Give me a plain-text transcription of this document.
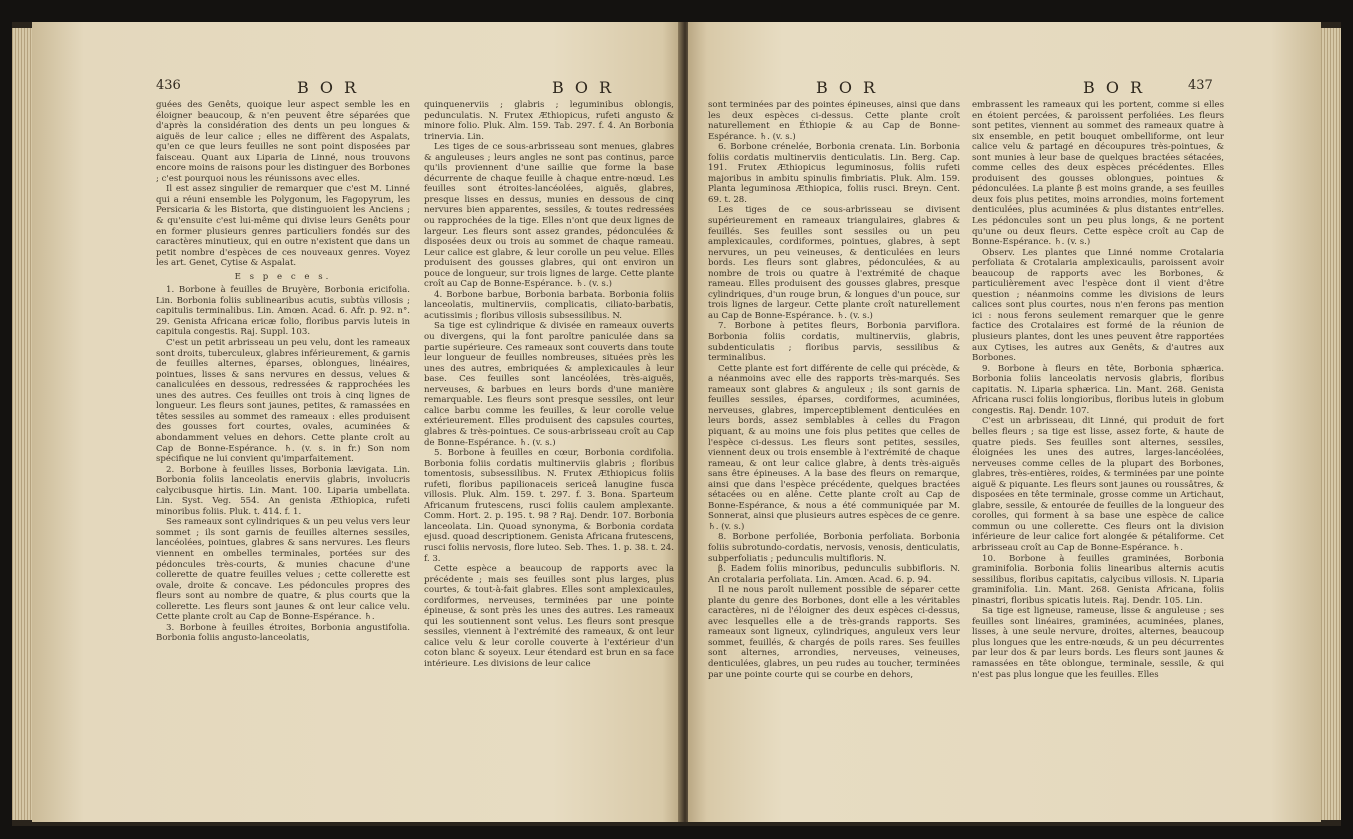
436	B O R	B O R

guées des Genêts, quoique leur aspect semble les en éloigner beaucoup, & n'en peuvent être séparées que d'après la considération des dents un peu longues & aiguës de leur calice ; elles ne diffèrent des Aspalats, qu'en ce que leurs feuilles ne sont point disposées par faisceau. Quant aux Liparia de Linné, nous trouvons encore moins de raisons pour les distinguer des Borbones ; c'est pourquoi nous les réunissons avec elles.

Il est assez singulier de remarquer que c'est M. Linné qui a réuni ensemble les Polygonum, les Fagopyrum, les Persicaria & les Bistorta, que distinguoient les Anciens ; & qu'ensuite c'est lui-même qui divise leurs Genêts pour en former plusieurs genres particuliers fondés sur des caractères minutieux, qui en outre n'existent que dans un petit nombre d'espèces de ces nouveaux genres. Voyez les art. Genet, Cytise & Aspalat.

E s p e c e s.

1. Borbone à feuilles de Bruyère, Borbonia ericifolia. Lin. Borbonia foliis sublinearibus acutis, subtùs villosis ; capitulis terminalibus. Lin. Amœn. Acad. 6. Afr. p. 92. n°. 29. Genista Africana ericæ folio, floribus parvis luteis in capitula congestis. Raj. Suppl. 103.

C'est un petit arbrisseau un peu velu, dont les rameaux sont droits, tuberculeux, glabres inférieurement, & garnis de feuilles alternes, éparses, oblongues, linéaires, pointues, lisses & sans nervures en dessus, velues & canaliculées en dessous, redressées & rapprochées les unes des autres. Ces feuilles ont trois à cinq lignes de longueur. Les fleurs sont jaunes, petites, & ramassées en têtes sessiles au sommet des rameaux : elles produisent des gousses fort courtes, ovales, acuminées & abondamment velues en dehors. Cette plante croît au Cap de Bonne-Espérance. ♄. (v. s. in fr.) Son nom spécifique ne lui convient qu'imparfaitement.

2. Borbone à feuilles lisses, Borbonia lævigata. Lin. Borbonia foliis lanceolatis enerviis glabris, involucris calycibusque hirtis. Lin. Mant. 100. Liparia umbellata. Lin. Syst. Veg. 554. An genista Æthiopica, rufeti minoribus foliis. Pluk. t. 414. f. 1.

Ses rameaux sont cylindriques & un peu velus vers leur sommet ; ils sont garnis de feuilles alternes sessiles, lancéolées, pointues, glabres & sans nervures. Les fleurs viennent en ombelles terminales, portées sur des pédoncules très-courts, & munies chacune d'une collerette de quatre feuilles velues ; cette collerette est ovale, droite & concave. Les pédoncules propres des fleurs sont au nombre de quatre, & plus courts que la collerette. Les fleurs sont jaunes & ont leur calice velu. Cette plante croît au Cap de Bonne-Espérance. ♄.

3. Borbone à feuilles étroites, Borbonia angustifolia. Borbonia foliis angusto-lanceolatis,

quinquenerviis ; glabris ; leguminibus oblongis, pedunculatis. N. Frutex Æthiopicus, rufeti angusto & minore folio. Pluk. Alm. 159. Tab. 297. f. 4. An Borbonia trinervia. Lin.

Les tiges de ce sous-arbrisseau sont menues, glabres & anguleuses ; leurs angles ne sont pas continus, parce qu'ils proviennent d'une saillie que forme la base décurrente de chaque feuille à chaque entre-nœud. Les feuilles sont étroites-lancéolées, aiguës, glabres, presque lisses en dessus, munies en dessous de cinq nervures bien apparentes, sessiles, & toutes redressées ou rapprochées de la tige. Elles n'ont que deux lignes de largeur. Les fleurs sont assez grandes, pédonculées & disposées deux ou trois au sommet de chaque rameau. Leur calice est glabre, & leur corolle un peu velue. Elles produisent des gousses glabres, qui ont environ un pouce de longueur, sur trois lignes de large. Cette plante croît au Cap de Bonne-Espérance. ♄. (v. s.)

4. Borbone barbue, Borbonia barbata. Borbonia foliis lanceolatis, multinerviis, complicatis, ciliato-barbatis, acutissimis ; floribus villosis subsessilibus. N.

Sa tige est cylindrique & divisée en rameaux ouverts ou divergens, qui la font paroître paniculée dans sa partie supérieure. Ces rameaux sont couverts dans toute leur longueur de feuilles nombreuses, situées près les unes des autres, embriquées & amplexicaules à leur base. Ces feuilles sont lancéolées, très-aiguës, nerveuses, & barbues en leurs bords d'une manière remarquable. Les fleurs sont presque sessiles, ont leur calice barbu comme les feuilles, & leur corolle velue extérieurement. Elles produisent des capsules courtes, glabres & très-pointues. Ce sous-arbrisseau croît au Cap de Bonne-Espérance. ♄. (v. s.)

5. Borbone à feuilles en cœur, Borbonia cordifolia. Borbonia foliis cordatis multinerviis glabris ; floribus tomentosis, subsessilibus. N. Frutex Æthiopicus foliis rufeti, floribus papilionaceis sericeâ lanugine fusca villosis. Pluk. Alm. 159. t. 297. f. 3. Bona. Sparteum Africanum frutescens, rusci foliis caulem amplexante. Comm. Hort. 2. p. 195. t. 98 ? Raj. Dendr. 107. Borbonia lanceolata. Lin. Quoad synonyma, & Borbonia cordata ejusd. quoad descriptionem. Genista Africana frutescens, rusci foliis nervosis, flore luteo. Seb. Thes. 1. p. 38. t. 24. f. 3.

Cette espèce a beaucoup de rapports avec la précédente ; mais ses feuilles sont plus larges, plus courtes, & tout-à-fait glabres. Elles sont amplexicaules, cordiformes, nerveuses, terminées par une pointe épineuse, & sont près les unes des autres. Les rameaux qui les soutiennent sont velus. Les fleurs sont presque sessiles, viennent à l'extrémité des rameaux, & ont leur calice velu & leur corolle couverte à l'extérieur d'un coton blanc & soyeux. Leur étendard est brun en sa face intérieure. Les divisions de leur calice

B O R	B O R	437

sont terminées par des pointes épineuses, ainsi que dans les deux espèces ci-dessus. Cette plante croît naturellement en Éthiopie & au Cap de Bonne-Espérance. ♄. (v. s.)

6. Borbone crénelée, Borbonia crenata. Lin. Borbonia foliis cordatis multinerviis denticulatis. Lin. Berg. Cap. 191. Frutex Æthiopicus leguminosus, foliis rufeti majoribus in ambitu spinulis fimbriatis. Pluk. Alm. 159. Planta leguminosa Æthiopica, foliis rusci. Breyn. Cent. 69. t. 28.

Les tiges de ce sous-arbrisseau se divisent supérieurement en rameaux triangulaires, glabres & feuillés. Ses feuilles sont sessiles ou un peu amplexicaules, cordiformes, pointues, glabres, à sept nervures, un peu veineuses, & denticulées en leurs bords. Les fleurs sont glabres, pédonculées, & au nombre de trois ou quatre à l'extrémité de chaque rameau. Elles produisent des gousses glabres, presque cylindriques, d'un rouge brun, & longues d'un pouce, sur trois lignes de largeur. Cette plante croît naturellement au Cap de Bonne-Espérance. ♄. (v. s.)

7. Borbone à petites fleurs, Borbonia parviflora. Borbonia foliis cordatis, multinerviis, glabris, subdenticulatis ; floribus parvis, sessilibus & terminalibus.

Cette plante est fort différente de celle qui précède, & a néanmoins avec elle des rapports très-marqués. Ses rameaux sont glabres & anguleux ; ils sont garnis de feuilles sessiles, éparses, cordiformes, acuminées, nerveuses, glabres, imperceptiblement denticulées en leurs bords, assez semblables à celles du Fragon piquant, & au moins une fois plus petites que celles de l'espèce ci-dessus. Les fleurs sont petites, sessiles, viennent deux ou trois ensemble à l'extrémité de chaque rameau, & ont leur calice glabre, à dents très-aiguës sans être épineuses. A la base des fleurs on remarque, ainsi que dans l'espèce précédente, quelques bractées sétacées ou en alêne. Cette plante croît au Cap de Bonne-Espérance, & nous a été communiquée par M. Sonnerat, ainsi que plusieurs autres espèces de ce genre. ♄. (v. s.)

8. Borbone perfoliée, Borbonia perfoliata. Borbonia foliis subrotundo-cordatis, nervosis, venosis, denticulatis, subperfoliatis ; pedunculis multifloris. N.

β. Eadem foliis minoribus, pedunculis subbifloris. N. An crotalaria perfoliata. Lin. Amœn. Acad. 6. p. 94.

Il ne nous paroît nullement possible de séparer cette plante du genre des Borbones, dont elle a les véritables caractères, ni de l'éloigner des deux espèces ci-dessus, avec lesquelles elle a de très-grands rapports. Ses rameaux sont ligneux, cylindriques, anguleux vers leur sommet, feuillés, & chargés de poils rares. Ses feuilles sont alternes, arrondies, nerveuses, veineuses, denticulées, glabres, un peu rudes au toucher, terminées par une pointe courte qui se courbe en dehors,

embrassent les rameaux qui les portent, comme si elles en étoient percées, & paroissent perfoliées. Les fleurs sont petites, viennent au sommet des rameaux quatre à six ensemble, en petit bouquet ombelliforme, ont leur calice velu & partagé en découpures très-pointues, & sont munies à leur base de quelques bractées sétacées, comme celles des deux espèces précédentes. Elles produisent des gousses oblongues, pointues & pédonculées. La plante β est moins grande, a ses feuilles deux fois plus petites, moins arrondies, moins fortement denticulées, plus acuminées & plus distantes entr'elles. Les pédoncules sont un peu plus longs, & ne portent qu'une ou deux fleurs. Cette espèce croît au Cap de Bonne-Espérance. ♄. (v. s.)

Observ. Les plantes que Linné nomme Crotalaria perfoliata & Crotalaria amplexicaulis, paroissent avoir beaucoup de rapports avec les Borbones, & particulièrement avec l'espèce dont il vient d'être question ; néanmoins comme les divisions de leurs calices sont plus courtes, nous n'en ferons pas mention ici : nous ferons seulement remarquer que le genre factice des Crotalaires est formé de la réunion de plusieurs plantes, dont les unes peuvent être rapportées aux Cytises, les autres aux Genêts, & d'autres aux Borbones.

9. Borbone à fleurs en tête, Borbonia sphærica. Borbonia foliis lanceolatis nervosis glabris, floribus capitatis. N. Liparia sphærica. Lin. Mant. 268. Genista Africana rusci foliis longioribus, floribus luteis in globum congestis. Raj. Dendr. 107.

C'est un arbrisseau, dit Linné, qui produit de fort belles fleurs ; sa tige est lisse, assez forte, & haute de quatre pieds. Ses feuilles sont alternes, sessiles, éloignées les unes des autres, larges-lancéolées, nerveuses comme celles de la plupart des Borbones, glabres, très-entières, roides, & terminées par une pointe aiguë & piquante. Les fleurs sont jaunes ou roussâtres, & disposées en tête terminale, grosse comme un Artichaut, glabre, sessile, & entourée de feuilles de la longueur des corolles, qui forment à sa base une espèce de calice commun ou une collerette. Ces fleurs ont la division inférieure de leur calice fort alongée & pétaliforme. Cet arbrisseau croît au Cap de Bonne-Espérance. ♄.

10. Borbone à feuilles graminées, Borbonia graminifolia. Borbonia foliis linearibus alternis acutis sessilibus, floribus capitatis, calycibus villosis. N. Liparia graminifolia. Lin. Mant. 268. Genista Africana, foliis pinastri, floribus spicatis luteis. Raj. Dendr. 105. Lin.

Sa tige est ligneuse, rameuse, lisse & anguleuse ; ses feuilles sont linéaires, graminées, acuminées, planes, lisses, à une seule nervure, droites, alternes, beaucoup plus longues que les entre-nœuds, & un peu décurrentes par leur dos & par leurs bords. Les fleurs sont jaunes & ramassées en tête oblongue, terminale, sessile, & qui n'est pas plus longue que les feuilles. Elles
